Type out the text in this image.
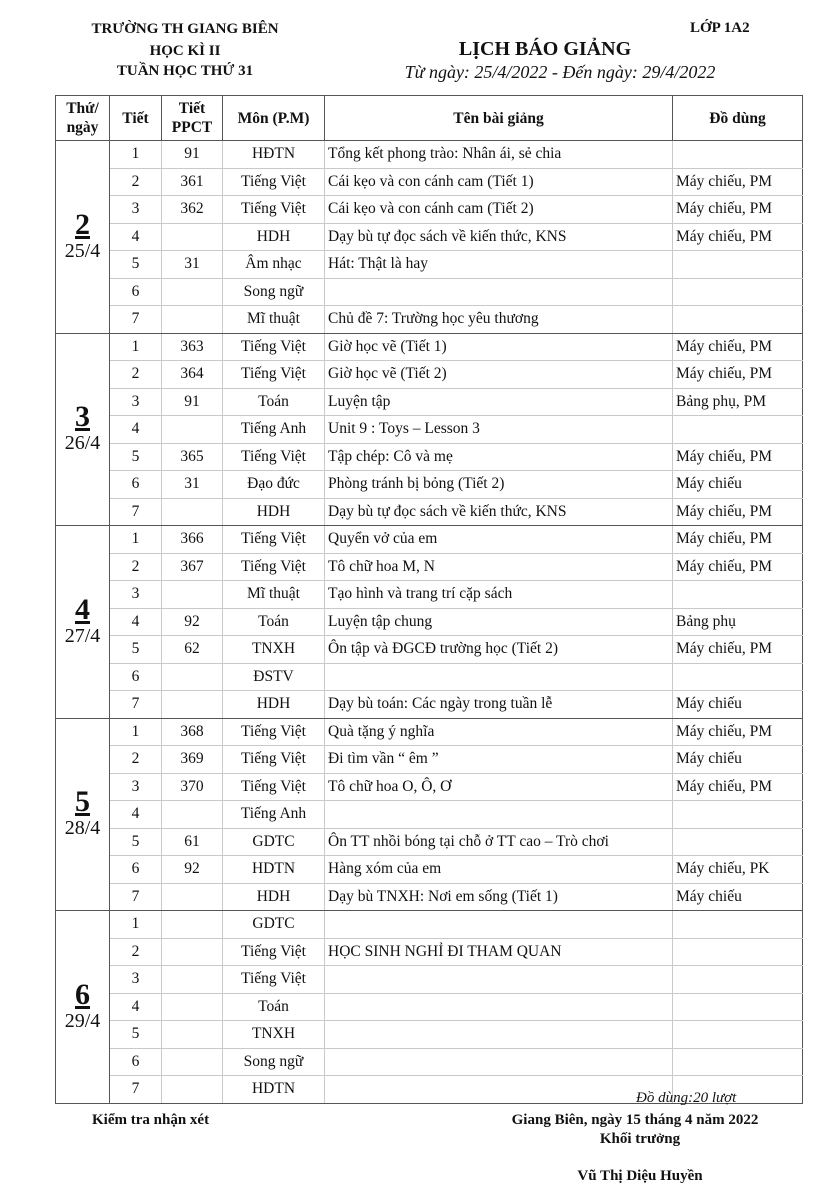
TRƯỜNG TH GIANG BIÊN
HỌC KÌ II
TUẦN HỌC THỨ 31
LỚP 1A2
LỊCH BÁO GIẢNG
Từ ngày: 25/4/2022 - Đến ngày: 29/4/2022
Thứ/ ngày	Tiết	Tiết PPCT	Môn (P.M)	Tên bài giảng	Đồ dùng

2
25/4	1	91	HĐTN	Tổng kết phong trào: Nhân ái, sẻ chia	
	2	361	Tiếng Việt	Cái kẹo và con cánh cam (Tiết 1)	Máy chiếu, PM
	3	362	Tiếng Việt	Cái kẹo và con cánh cam (Tiết 2)	Máy chiếu, PM
	4		HDH	Dạy bù tự đọc sách về kiến thức, KNS	Máy chiếu, PM
	5	31	Âm nhạc	Hát: Thật là hay	
	6		Song ngữ		
	7		Mĩ thuật	Chủ đề 7: Trường học yêu thương	

3
26/4	1	363	Tiếng Việt	Giờ học vẽ (Tiết 1)	Máy chiếu, PM
	2	364	Tiếng Việt	Giờ học vẽ (Tiết 2)	Máy chiếu, PM
	3	91	Toán	Luyện tập	Bảng phụ, PM
	4		Tiếng Anh	Unit 9 : Toys – Lesson 3	
	5	365	Tiếng Việt	Tập chép: Cô và mẹ	Máy chiếu, PM
	6	31	Đạo đức	Phòng tránh bị bỏng (Tiết 2)	Máy chiếu
	7		HDH	Dạy bù tự đọc sách về kiến thức, KNS	Máy chiếu, PM

4
27/4	1	366	Tiếng Việt	Quyển vở của em	Máy chiếu, PM
	2	367	Tiếng Việt	Tô chữ hoa M, N	Máy chiếu, PM
	3		Mĩ thuật	Tạo hình và trang trí cặp sách	
	4	92	Toán	Luyện tập chung	Bảng phụ
	5	62	TNXH	Ôn tập và ĐGCĐ trường học (Tiết 2)	Máy chiếu, PM
	6		ĐSTV		
	7		HDH	Dạy bù toán: Các ngày trong tuần lễ	Máy chiếu

5
28/4	1	368	Tiếng Việt	Quà tặng ý nghĩa	Máy chiếu, PM
	2	369	Tiếng Việt	Đi tìm vần “ êm ”	Máy chiếu
	3	370	Tiếng Việt	Tô chữ hoa O, Ô, Ơ	Máy chiếu, PM
	4		Tiếng Anh		
	5	61	GDTC	Ôn TT nhồi bóng tại chỗ ở TT cao – Trò chơi	
	6	92	HDTN	Hàng xóm của em	Máy chiếu, PK
	7		HDH	Dạy bù TNXH: Nơi em sống (Tiết 1)	Máy chiếu

6
29/4	1		GDTC		
	2		Tiếng Việt	HỌC SINH NGHỈ ĐI THAM QUAN	
	3		Tiếng Việt		
	4		Toán		
	5		TNXH		
	6		Song ngữ		
	7		HDTN		
Đồ dùng:20 lượt
Kiểm tra nhận xét	Giang Biên, ngày 15 tháng 4 năm 2022
Khối trưởng
Vũ Thị Diệu Huyền
